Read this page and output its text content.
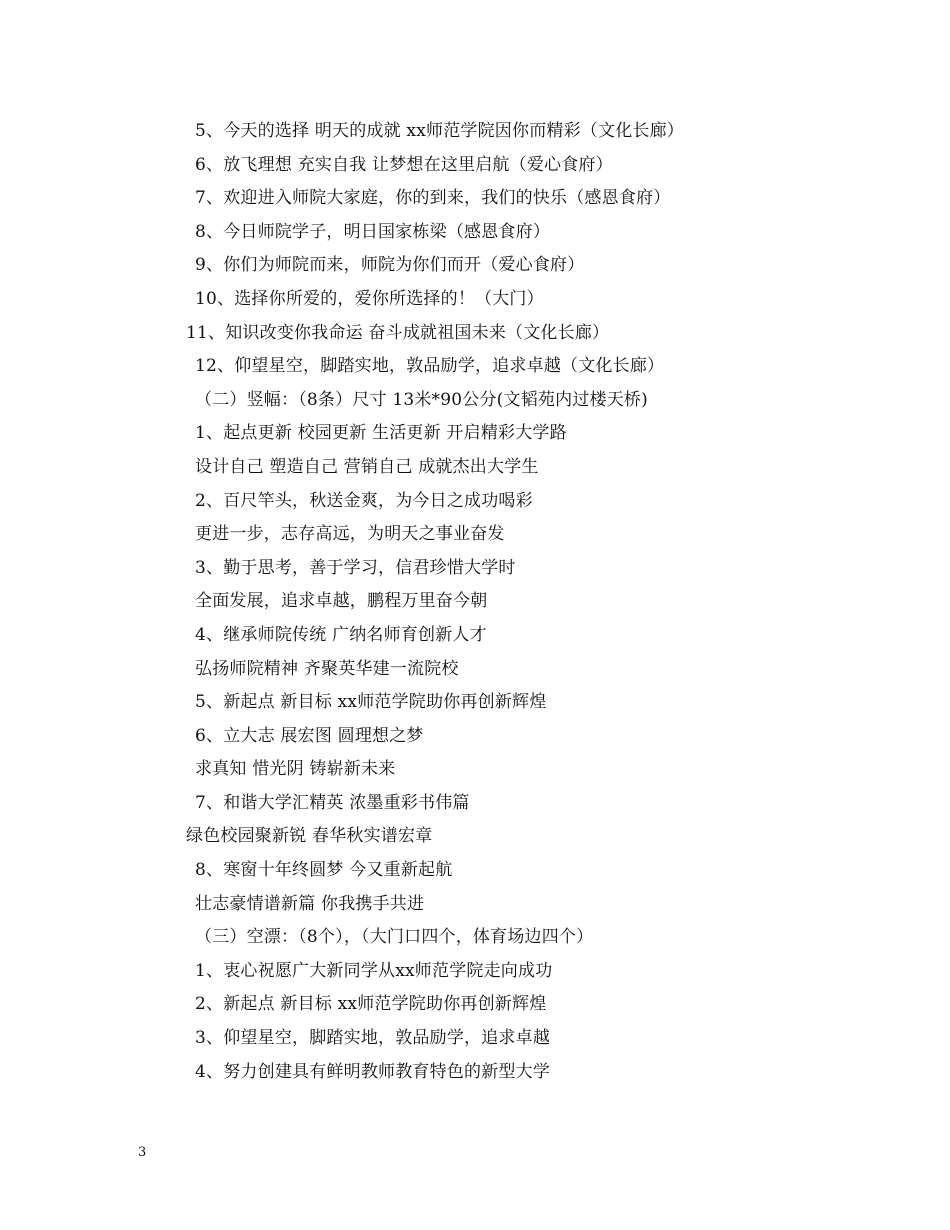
5、今天的选择 明天的成就 xx师范学院因你而精彩（文化长廊）
6、放飞理想 充实自我 让梦想在这里启航（爱心食府）
7、欢迎进入师院大家庭，你的到来，我们的快乐（感恩食府）
8、今日师院学子，明日国家栋梁（感恩食府）
9、你们为师院而来，师院为你们而开（爱心食府）
10、选择你所爱的，爱你所选择的！（大门）
11、知识改变你我命运 奋斗成就祖国未来（文化长廊）
12、仰望星空，脚踏实地，敦品励学，追求卓越（文化长廊）
（二）竖幅：（8条）尺寸 13米*90公分(文韬苑内过楼天桥)
1、起点更新 校园更新 生活更新 开启精彩大学路
设计自己 塑造自己 营销自己 成就杰出大学生
2、百尺竿头，秋送金爽，为今日之成功喝彩
更进一步，志存高远，为明天之事业奋发
3、勤于思考，善于学习，信君珍惜大学时
全面发展，追求卓越，鹏程万里奋今朝
4、继承师院传统 广纳名师育创新人才
弘扬师院精神 齐聚英华建一流院校
5、新起点 新目标 xx师范学院助你再创新辉煌
6、立大志 展宏图 圆理想之梦
求真知 惜光阴 铸崭新未来
7、和谐大学汇精英 浓墨重彩书伟篇
绿色校园聚新锐 春华秋实谱宏章
8、寒窗十年终圆梦 今又重新起航
壮志豪情谱新篇 你我携手共进
（三）空漂：（8个），（大门口四个，体育场边四个）
1、衷心祝愿广大新同学从xx师范学院走向成功
2、新起点 新目标 xx师范学院助你再创新辉煌
3、仰望星空，脚踏实地，敦品励学，追求卓越
4、努力创建具有鲜明教师教育特色的新型大学
3
